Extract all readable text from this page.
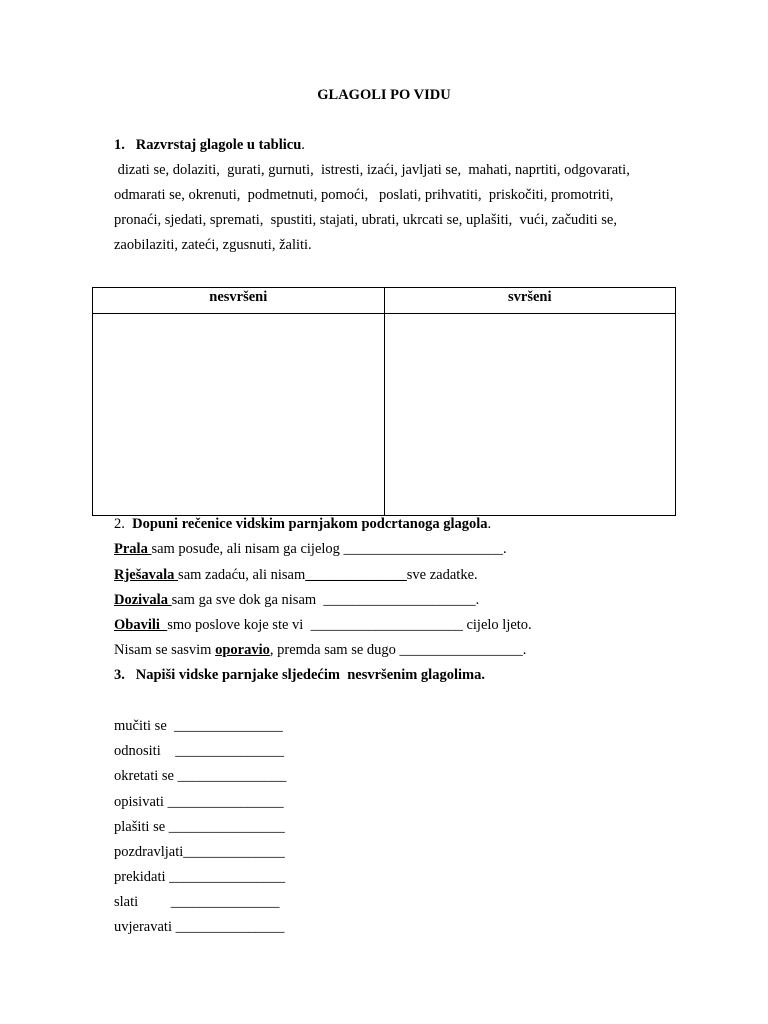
GLAGOLI PO VIDU
1. Razvrstaj glagole u tablicu.
dizati se, dolaziti,  gurati, gurnuti,  istresti, izaći, javljati se,  mahati, naprtiti, odgovarati,
odmarati se, okrenuti,  podmetnuti, pomoći,   poslati, prihvatiti,  priskočiti, promotriti,
pronaći, sjedati, spremati,  spustiti, stajati, ubrati, ukrcati se, uplašiti,  vući, začuditi se,
zaobilaziti, zateći, zgusnuti, žaliti.
nesvršeni	svršeni

2. Dopuni rečenice vidskim parnjakom podcrtanoga glagola.
Prala sam posuđe, ali nisam ga cijelog ______________________.
Rješavala sam zadaću, ali nisam______________sve zadatke.
Dozivala sam ga sve dok ga nisam  _____________________.
Obavili  smo poslove koje ste vi  _____________________ cijelo ljeto.
Nisam se sasvim oporavio, premda sam se dugo _________________.
3. Napiši vidske parnjake sljedećim  nesvršenim glagolima.
mučiti se  _______________
odnositi    _______________
okretati se _______________
opisivati ________________
plašiti se ________________
pozdravljati______________
prekidati ________________
slati         _______________
uvjeravati _______________
